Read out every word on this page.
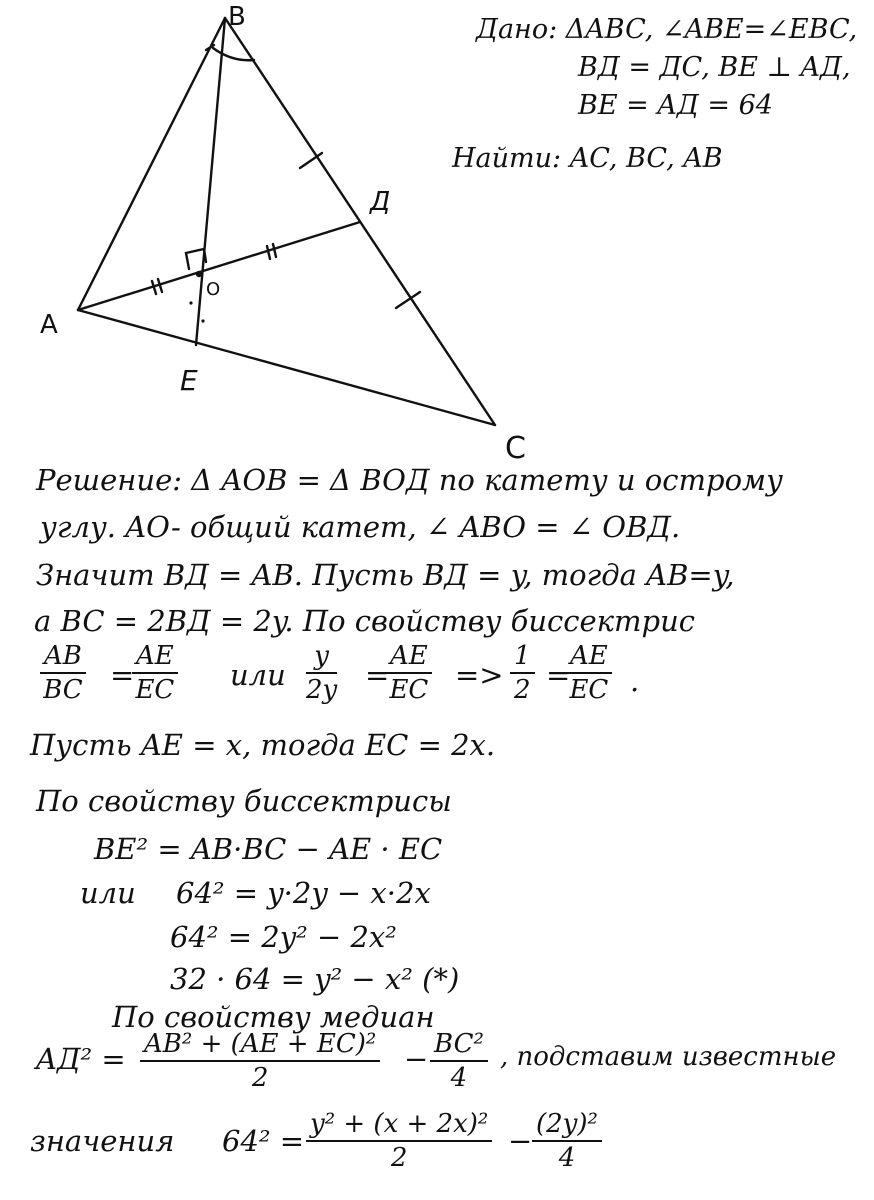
A
B
C
Д
Е
O
Дано: ΔABC, ∠ABE=∠EBC,
BД = ДC, BE ⊥ AД,
BE = AД = 64
Найти: AC, BC, AB
Решение: Δ AOB = Δ BOД по катету и острому
углу. AO- общий катет, ∠ ABO = ∠ OBД.
Значит BД = AB. Пусть BД = y, тогда AB=y,
a BC = 2BД = 2y. По свойству биссектрис
$\frac{AB}{BC}$ =
$\frac{AE}{EC}$ или $\frac{y}{2y}$ =
$\frac{AE}{EC} => \frac{1}{2}$ =
$\frac{AE}{EC}$ .
Пусть AE = x, тогда EC = 2x.
По свойству биссектрисы
BE² = AB·BC − AE · EC
или 64² = y·2y − x·2x
64² = 2y² − 2x²
32 · 64 = y² − x² (*)
По свойству медиан
$AД^2 = \frac{\text{AB² + (AE + EC)²}}{2} - \frac{\text{BC²}}{4}$ , подставим известные
значения $64^2 = \frac{\text{y² + (x + 2x)²}}{2} - \frac{\text{(2y)²}}{4}$
